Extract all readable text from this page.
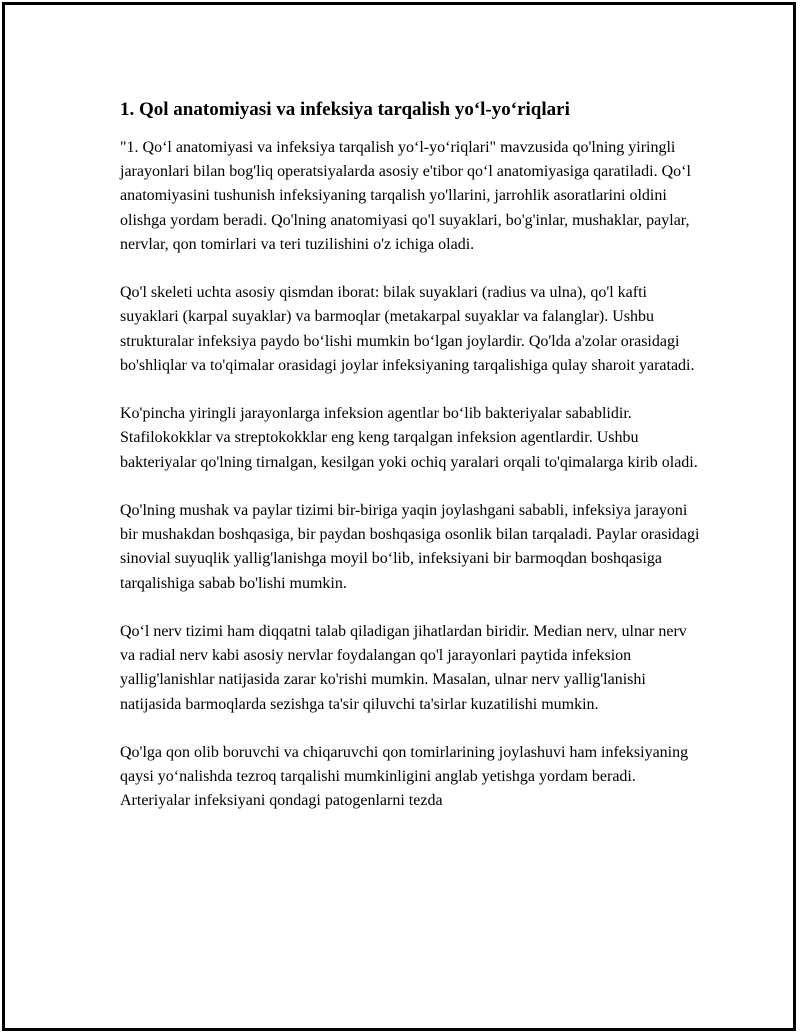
1. Qol anatomiyasi va infeksiya tarqalish yoʻl-yoʻriqlari

"1. Qoʻl anatomiyasi va infeksiya tarqalish yoʻl-yoʻriqlari" mavzusida qo'lning yiringli jarayonlari bilan bog'liq operatsiyalarda asosiy e'tibor qoʻl anatomiyasiga qaratiladi. Qoʻl anatomiyasini tushunish infeksiyaning tarqalish yo'llarini, jarrohlik asoratlarini oldini olishga yordam beradi. Qo'lning anatomiyasi qo'l suyaklari, bo'g'inlar, mushaklar, paylar, nervlar, qon tomirlari va teri tuzilishini o'z ichiga oladi.

Qo'l skeleti uchta asosiy qismdan iborat: bilak suyaklari (radius va ulna), qo'l kafti suyaklari (karpal suyaklar) va barmoqlar (metakarpal suyaklar va falanglar). Ushbu strukturalar infeksiya paydo boʻlishi mumkin boʻlgan joylardir. Qo'lda a'zolar orasidagi bo'shliqlar va to'qimalar orasidagi joylar infeksiyaning tarqalishiga qulay sharoit yaratadi.

Ko'pincha yiringli jarayonlarga infeksion agentlar boʻlib bakteriyalar sabablidir. Stafilokokklar va streptokokklar eng keng tarqalgan infeksion agentlardir. Ushbu bakteriyalar qo'lning tirnalgan, kesilgan yoki ochiq yaralari orqali to'qimalarga kirib oladi.

Qo'lning mushak va paylar tizimi bir-biriga yaqin joylashgani sababli, infeksiya jarayoni bir mushakdan boshqasiga, bir paydan boshqasiga osonlik bilan tarqaladi. Paylar orasidagi sinovial suyuqlik yallig'lanishga moyil boʻlib, infeksiyani bir barmoqdan boshqasiga tarqalishiga sabab bo'lishi mumkin.

Qoʻl nerv tizimi ham diqqatni talab qiladigan jihatlardan biridir. Median nerv, ulnar nerv va radial nerv kabi asosiy nervlar foydalangan qo'l jarayonlari paytida infeksion yallig'lanishlar natijasida zarar ko'rishi mumkin. Masalan, ulnar nerv yallig'lanishi natijasida barmoqlarda sezishga ta'sir qiluvchi ta'sirlar kuzatilishi mumkin.

Qo'lga qon olib boruvchi va chiqaruvchi qon tomirlarining joylashuvi ham infeksiyaning qaysi yoʻnalishda tezroq tarqalishi mumkinligini anglab yetishga yordam beradi. Arteriyalar infeksiyani qondagi patogenlarni tezda
